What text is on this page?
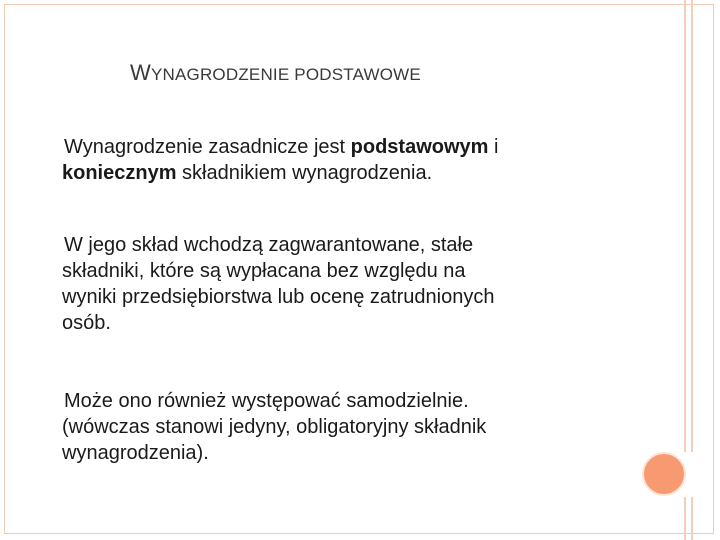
WYNAGRODZENIE PODSTAWOWE
Wynagrodzenie zasadnicze jest podstawowym i
koniecznym składnikiem wynagrodzenia.
W jego skład wchodzą zagwarantowane, stałe
składniki, które są wypłacana bez względu na
wyniki przedsiębiorstwa lub ocenę zatrudnionych
osób.
Może ono również występować samodzielnie.
(wówczas stanowi jedyny, obligatoryjny składnik
wynagrodzenia).
